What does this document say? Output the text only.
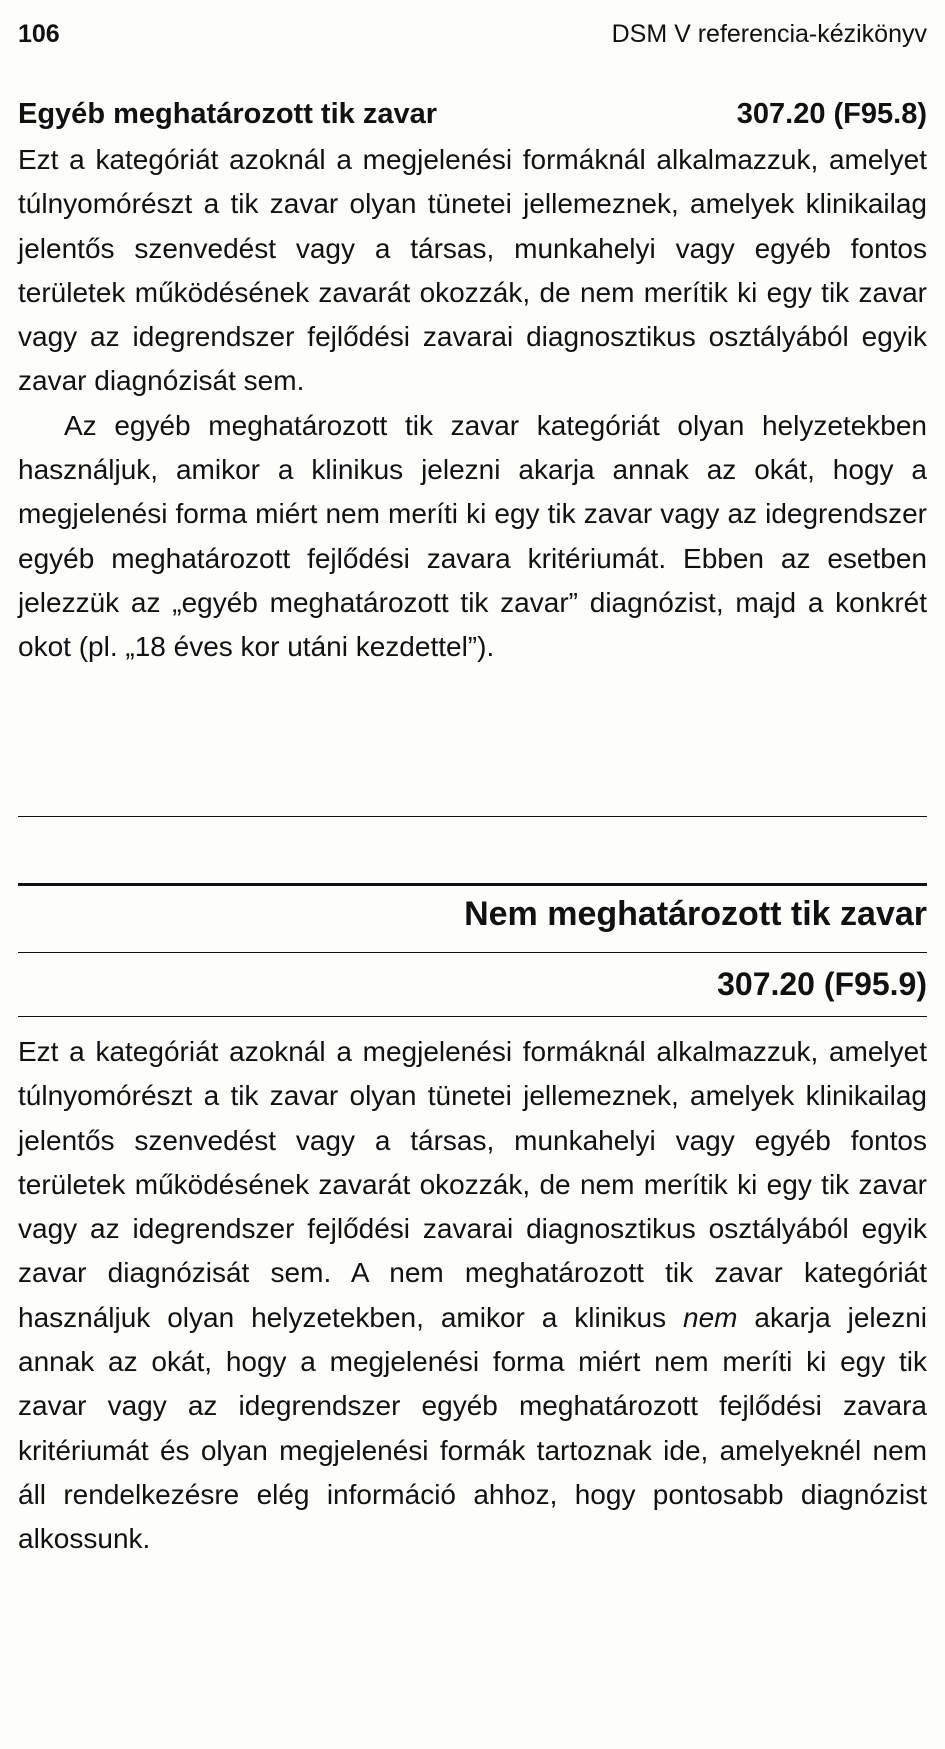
106	DSM V referencia-kézikönyv
Egyéb meghatározott tik zavar	307.20 (F95.8)

Ezt a kategóriát azoknál a megjelenési formáknál alkalmazzuk, amelyet túlnyomórészt a tik zavar olyan tünetei jellemeznek, amelyek klinikailag jelentős szenvedést vagy a társas, munkahelyi vagy egyéb fontos területek működésének zavarát okozzák, de nem merítik ki egy tik zavar vagy az idegrendszer fejlődési zavarai diagnosztikus osztályából egyik zavar diagnózisát sem.

Az egyéb meghatározott tik zavar kategóriát olyan helyzetekben használjuk, amikor a klinikus jelezni akarja annak az okát, hogy a megjelenési forma miért nem meríti ki egy tik zavar vagy az idegrendszer egyéb meghatározott fejlődési zavara kritériumát. Ebben az esetben jelezzük az „egyéb meghatározott tik zavar” diagnózist, majd a konkrét okot (pl. „18 éves kor utáni kezdettel”).

Nem meghatározott tik zavar
307.20 (F95.9)

Ezt a kategóriát azoknál a megjelenési formáknál alkalmazzuk, amelyet túlnyomórészt a tik zavar olyan tünetei jellemeznek, amelyek klinikailag jelentős szenvedést vagy a társas, munkahelyi vagy egyéb fontos területek működésének zavarát okozzák, de nem merítik ki egy tik zavar vagy az idegrendszer fejlődési zavarai diagnosztikus osztályából egyik zavar diagnózisát sem. A nem meghatározott tik zavar kategóriát használjuk olyan helyzetekben, amikor a klinikus nem akarja jelezni annak az okát, hogy a megjelenési forma miért nem meríti ki egy tik zavar vagy az idegrendszer egyéb meghatározott fejlődési zavara kritériumát és olyan megjelenési formák tartoznak ide, amelyeknél nem áll rendelkezésre elég információ ahhoz, hogy pontosabb diagnózist alkossunk.
